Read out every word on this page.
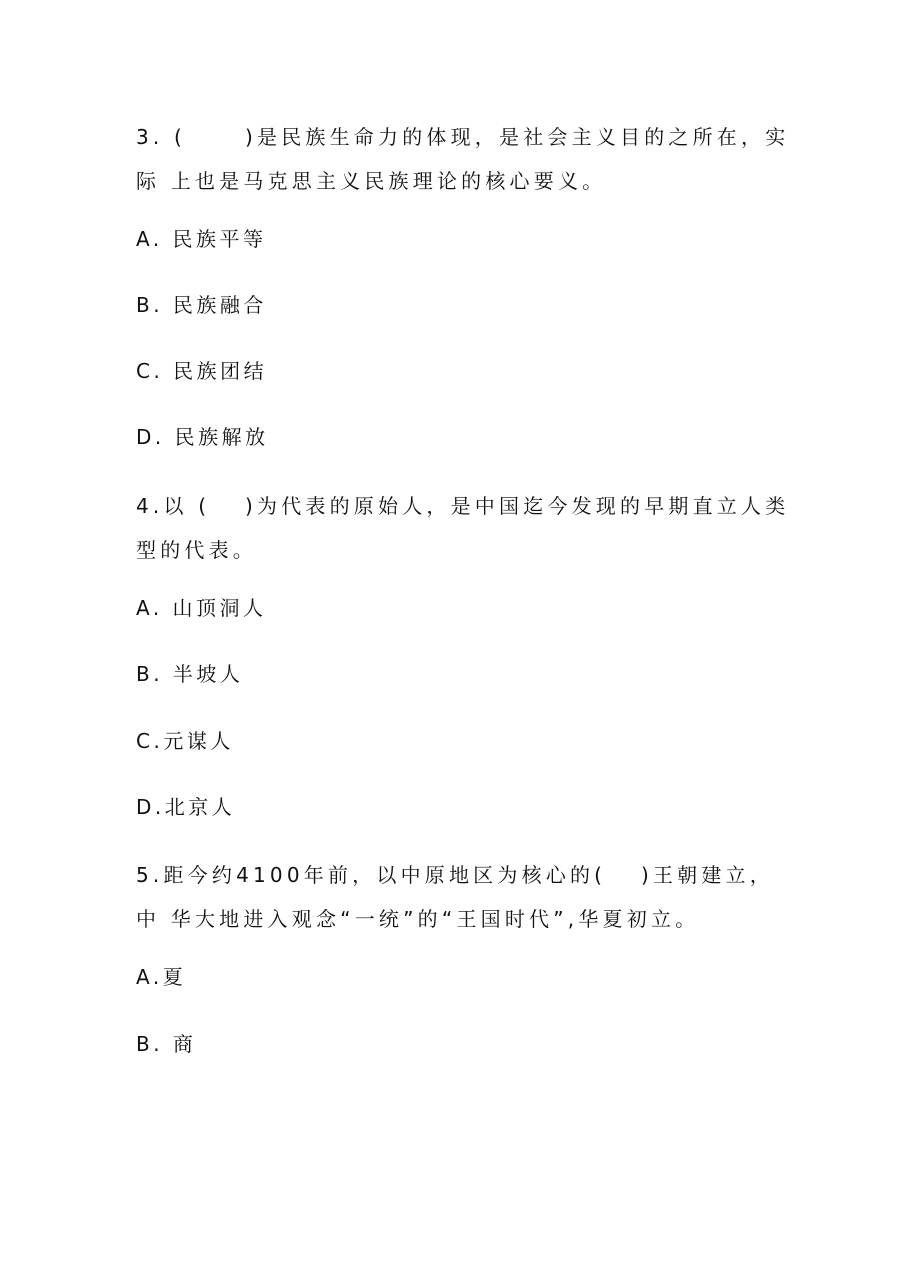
3. (　　 )是民族生命力的体现，是社会主义目的之所在，实
际 上也是马克思主义民族理论的核心要义。
A. 民族平等
B. 民族融合
C. 民族团结
D. 民族解放
4.以 (　 )为代表的原始人，是中国迄今发现的早期直立人类
型的代表。
A. 山顶洞人
B. 半坡人
C.元谋人
D.北京人
5.距今约4100年前，以中原地区为核心的(　 )王朝建立，
中 华大地进入观念“一统”的“王国时代”,华夏初立。
A.夏
B. 商
